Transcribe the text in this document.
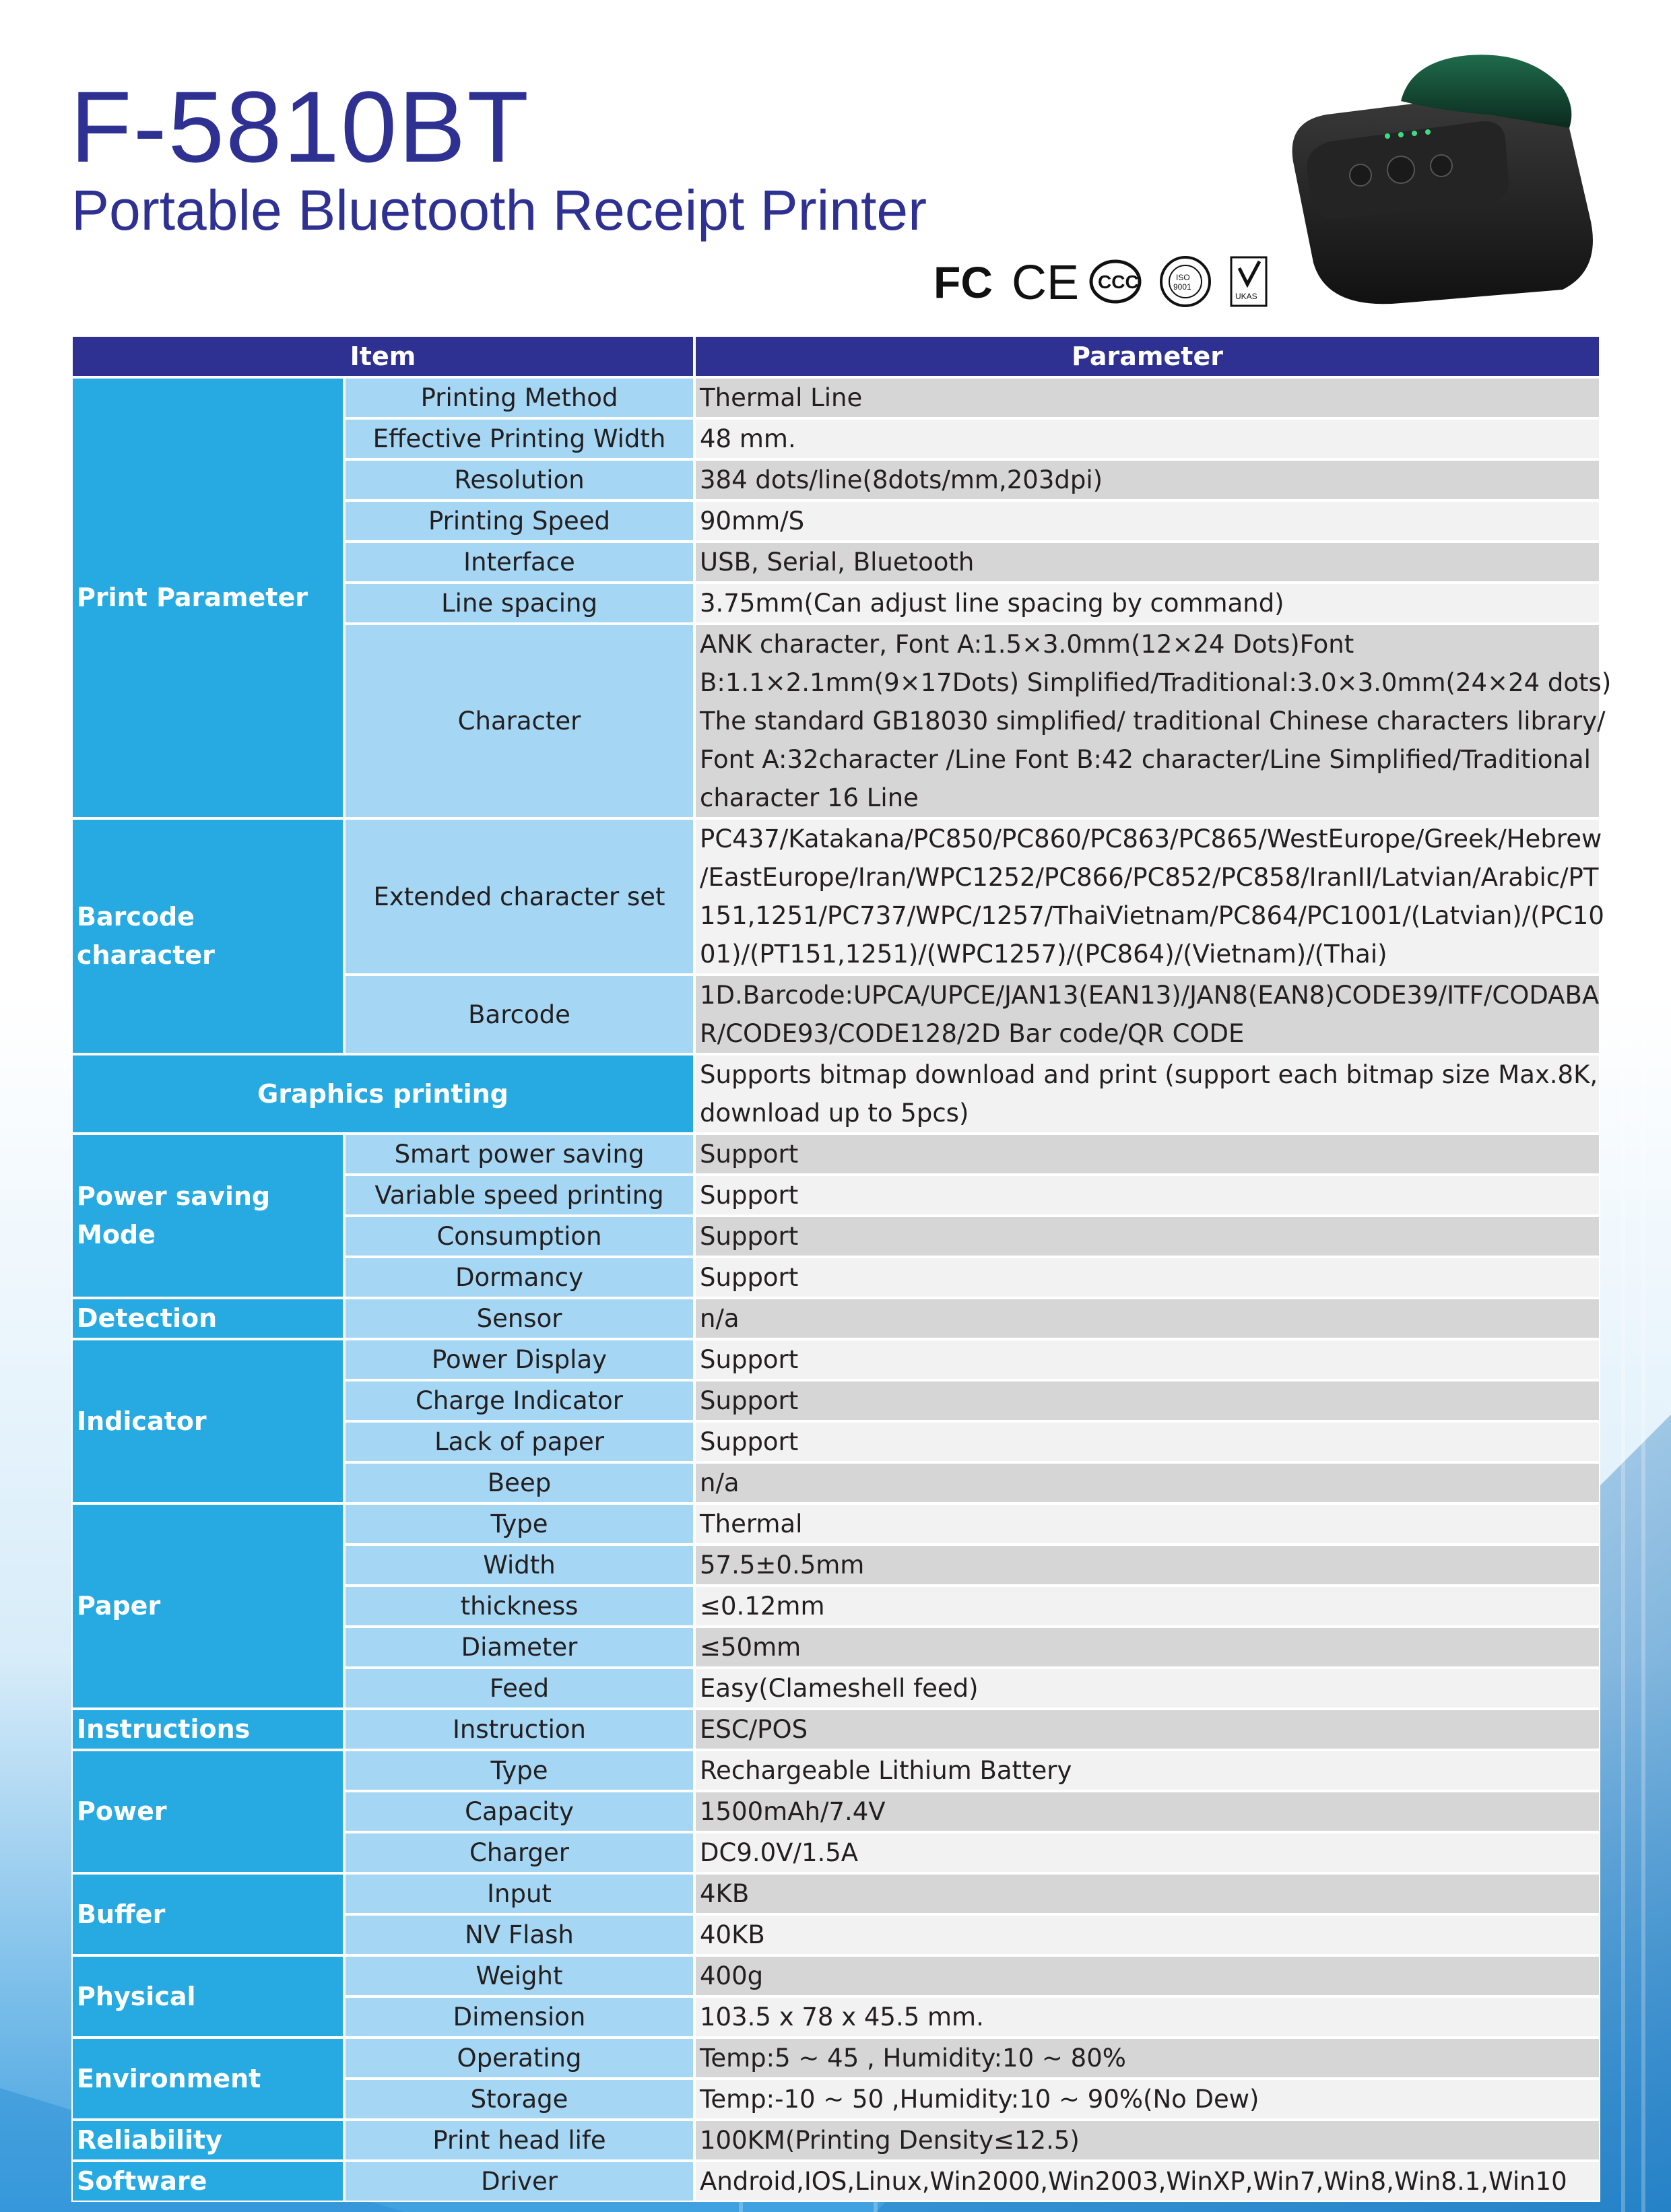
F-5810BT
Portable Bluetooth Receipt Printer
FC CE CCC	ISO
9001
UKAS
Item		Parameter
Print Parameter	Printing Method	Thermal Line
	Effective Printing Width	48 mm.
	Resolution	384 dots/line(8dots/mm,203dpi)
	Printing Speed	90mm/S
	Interface	USB, Serial, Bluetooth
	Line spacing	3.75mm(Can adjust line spacing by command)
	Character	ANK character, Font A:1.5×3.0mm(12×24 Dots)Font
B:1.1×2.1mm(9×17Dots) Simplified/Traditional:3.0×3.0mm(24×24 dots)
The standard GB18030 simplified/ traditional Chinese characters library/
Font A:32character /Line Font B:42 character/Line Simplified/Traditional
character 16 Line

Barcode character	Extended character set	PC437/Katakana/PC850/PC860/PC863/PC865/WestEurope/Greek/Hebrew
/EastEurope/Iran/WPC1252/PC866/PC852/PC858/IranII/Latvian/Arabic/PT
151,1251/PC737/WPC/1257/ThaiVietnam/PC864/PC1001/(Latvian)/(PC10
01)/(PT151,1251)/(WPC1257)/(PC864)/(Vietnam)/(Thai)

	Barcode	1D.Barcode:UPCA/UPCE/JAN13(EAN13)/JAN8(EAN8)CODE39/ITF/CODABA
R/CODE93/CODE128/2D Bar code/QR CODE

Graphics printing		Supports bitmap download and print (support each bitmap size Max.8K,
download up to 5pcs)

Power saving Mode	Smart power saving	Support
	Variable speed printing	Support
	Consumption	Support
	Dormancy	Support
Detection	Sensor	n/a
Indicator	Power Display	Support
	Charge Indicator	Support
	Lack of paper	Support
	Beep	n/a
Paper	Type	Thermal
	Width	57.5±0.5mm
	thickness	≤0.12mm
	Diameter	≤50mm
	Feed	Easy(Clameshell feed)
Instructions	Instruction	ESC/POS
Power	Type	Rechargeable Lithium Battery
	Capacity	1500mAh/7.4V
	Charger	DC9.0V/1.5A
Buffer	Input	4KB
	NV Flash	40KB
Physical	Weight	400g
	Dimension	103.5 x 78 x 45.5 mm.
Environment	Operating	Temp:5 ~ 45 , Humidity:10 ~ 80%
	Storage	Temp:-10 ~ 50 ,Humidity:10 ~ 90%(No Dew)
Reliability	Print head life	100KM(Printing Density≤12.5)
Software	Driver	Android,IOS,Linux,Win2000,Win2003,WinXP,Win7,Win8,Win8.1,Win10
